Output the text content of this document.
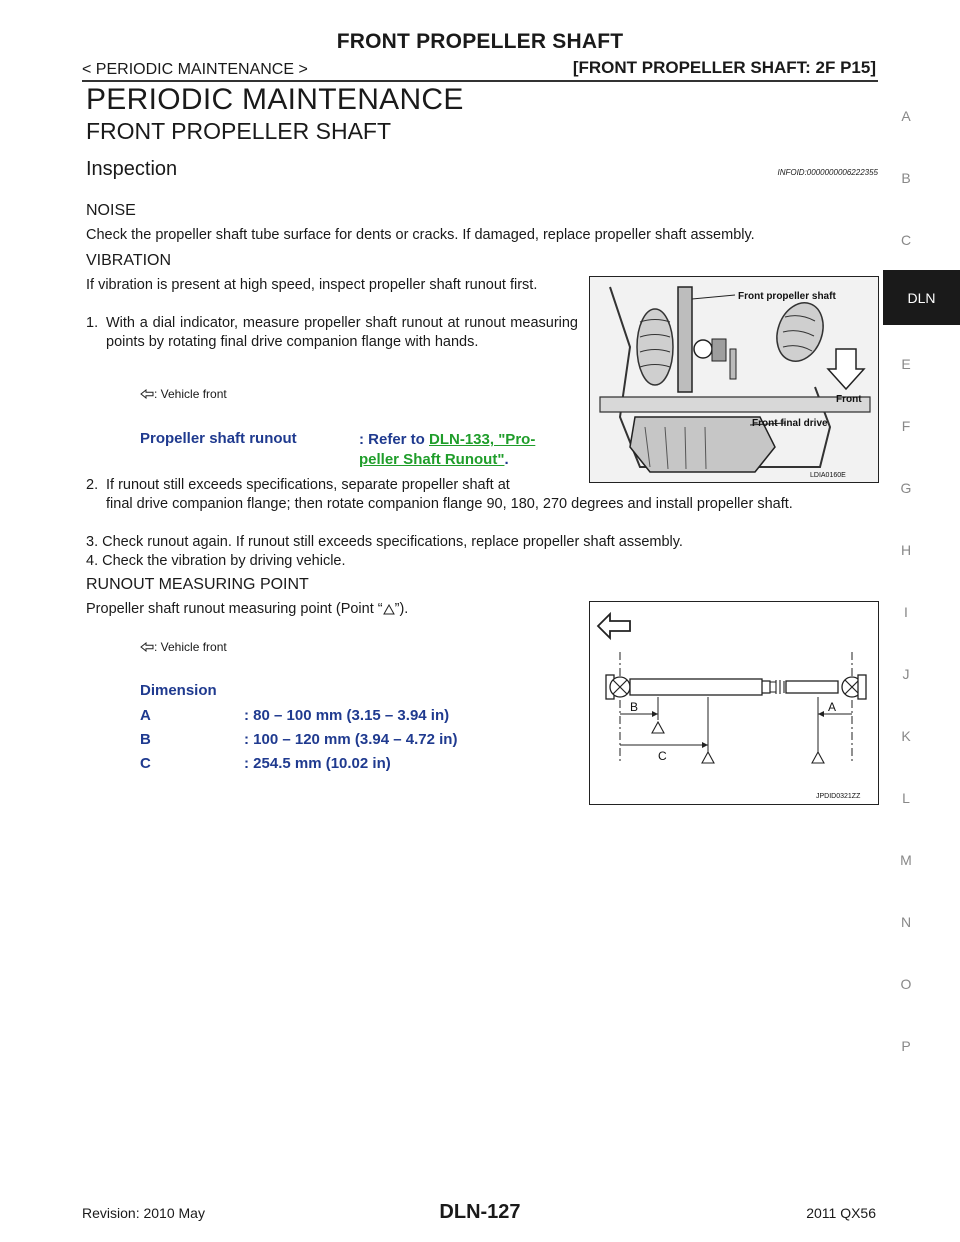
FRONT PROPELLER SHAFT
< PERIODIC MAINTENANCE >	[FRONT PROPELLER SHAFT: 2F P15]
PERIODIC MAINTENANCE
FRONT PROPELLER SHAFT
Inspection	INFOID:0000000006222355
NOISE
Check the propeller shaft tube surface for dents or cracks. If damaged, replace propeller shaft assembly.
VIBRATION
If vibration is present at high speed, inspect propeller shaft runout first.
1. With a dial indicator, measure propeller shaft runout at runout measuring points by rotating final drive companion flange with hands.
: Vehicle front
Propeller shaft runout	: Refer to DLN-133, "Pro-
peller Shaft Runout".
2. If runout still exceeds specifications, separate propeller shaft at
final drive companion flange; then rotate companion flange 90, 180, 270 degrees and install propeller shaft.
3. Check runout again. If runout still exceeds specifications, replace propeller shaft assembly.
4. Check the vibration by driving vehicle.
Front propeller shaft
Front
Front final drive
LDIA0160E
RUNOUT MEASURING POINT
Propeller shaft runout measuring point (Point “ ”).
: Vehicle front
Dimension
A	: 80 – 100 mm (3.15 – 3.94 in)
B	: 100 – 120 mm (3.94 – 4.72 in)
C	: 254.5 mm (10.02 in)
B
C
A
JPDID0321ZZ
A
B
C
DLN
E
F
G
H
I
J
K
L
M
N
O
P
Revision: 2010 May	DLN-127	2011 QX56
